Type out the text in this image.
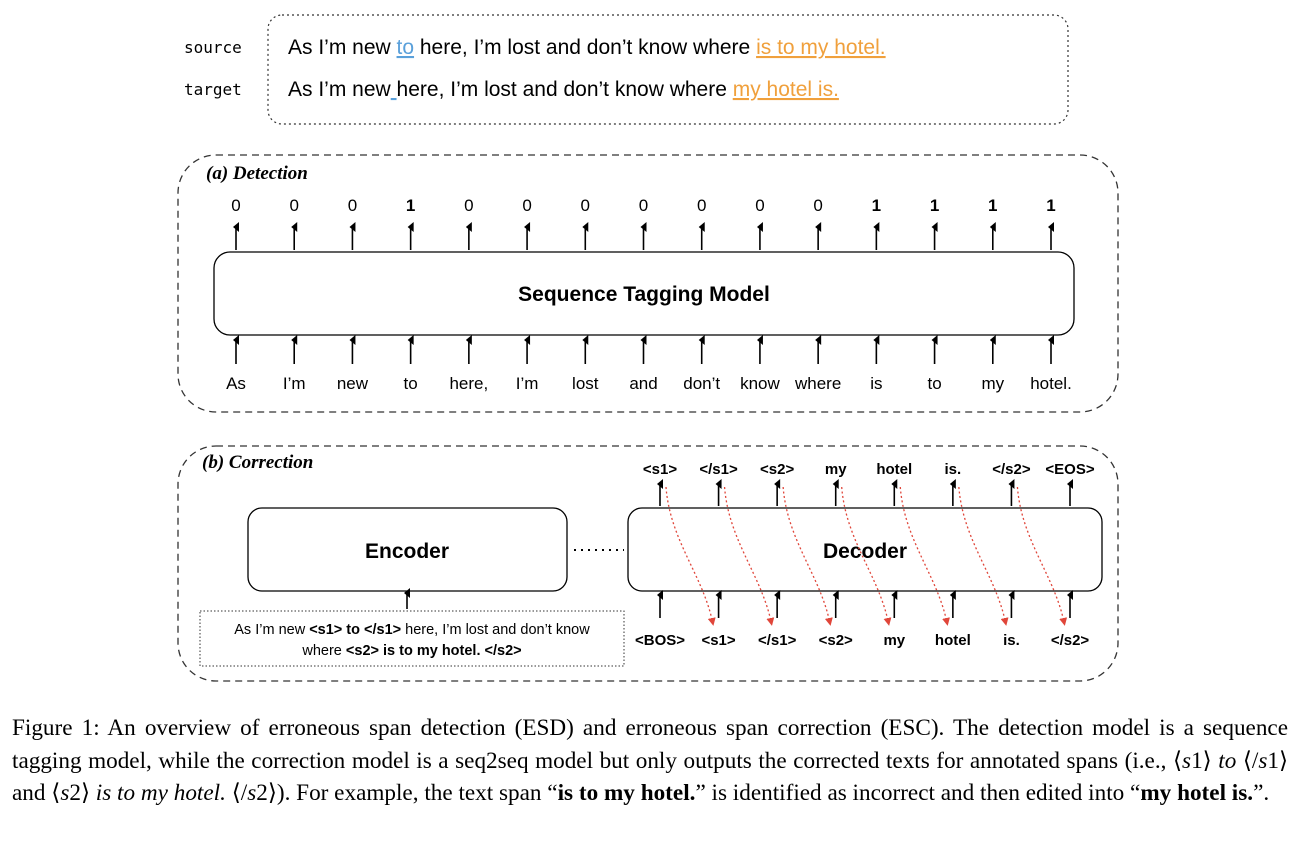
source
target
As I’m new to here, I’m lost and don’t know where is to my hotel.
As I’m new here, I’m lost and don’t know where my hotel is.
(a) Detection
Sequence Tagging Model
0	0	0	1	0	0	0	0	0	0	0	1	1	1	1
As I’m new to here, I’m lost and don’t know where is	to my hotel.
(b) Correction
Encoder	Decoder
As I’m new <s1> to </s1> here, I’m lost and don’t know
where <s2> is to my hotel. </s2>
<s1> </s1> <s2> my hotel is. </s2> <EOS>
<BOS> <s1> </s1> <s2> my hotel is. </s2>
Figure 1: An overview of erroneous span detection (ESD) and erroneous span correction (ESC). The detection model is a sequence tagging model, while the correction model is a seq2seq model but only outputs the corrected texts for annotated spans (i.e., ⟨s1⟩ to ⟨/s1⟩ and ⟨s2⟩ is to my hotel. ⟨/s2⟩). For example, the text span “is to my hotel.” is identified as incorrect and then edited into “my hotel is.”.
